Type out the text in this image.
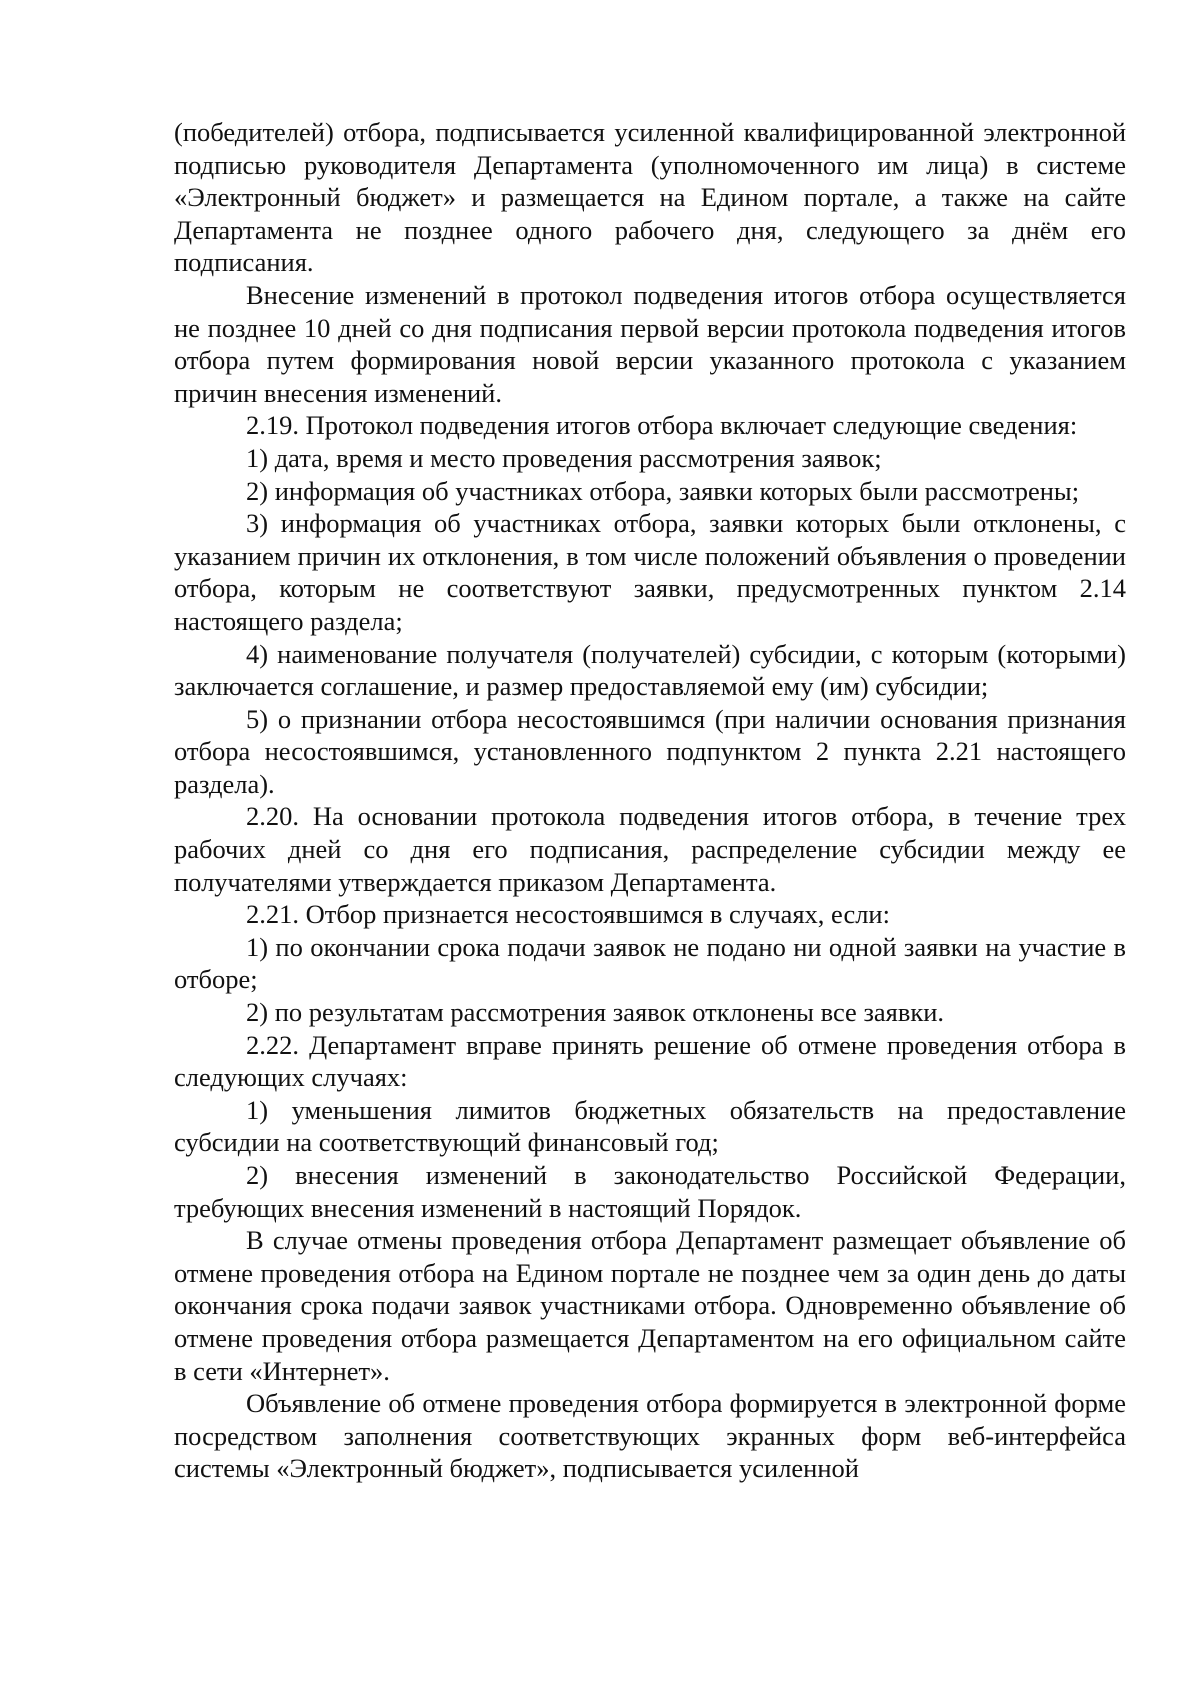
(победителей) отбора, подписывается усиленной квалифицированной электронной подписью руководителя Департамента (уполномоченного им лица) в системе «Электронный бюджет» и размещается на Едином портале, а также на сайте Департамента не позднее одного рабочего дня, следующего за днём его подписания.

Внесение изменений в протокол подведения итогов отбора осуществляется не позднее 10 дней со дня подписания первой версии протокола подведения итогов отбора путем формирования новой версии указанного протокола с указанием причин внесения изменений.

2.19. Протокол подведения итогов отбора включает следующие сведения:

1) дата, время и место проведения рассмотрения заявок;

2) информация об участниках отбора, заявки которых были рассмотрены;

3) информация об участниках отбора, заявки которых были отклонены, с указанием причин их отклонения, в том числе положений объявления о проведении отбора, которым не соответствуют заявки, предусмотренных пунктом 2.14 настоящего раздела;

4) наименование получателя (получателей) субсидии, с которым (которыми) заключается соглашение, и размер предоставляемой ему (им) субсидии;

5) о признании отбора несостоявшимся (при наличии основания признания отбора несостоявшимся, установленного подпунктом 2 пункта 2.21 настоящего раздела).

2.20. На основании протокола подведения итогов отбора, в течение трех рабочих дней со дня его подписания, распределение субсидии между ее получателями утверждается приказом Департамента.

2.21. Отбор признается несостоявшимся в случаях, если:

1) по окончании срока подачи заявок не подано ни одной заявки на участие в отборе;

2) по результатам рассмотрения заявок отклонены все заявки.

2.22. Департамент вправе принять решение об отмене проведения отбора в следующих случаях:

1) уменьшения лимитов бюджетных обязательств на предоставление субсидии на соответствующий финансовый год;

2) внесения изменений в законодательство Российской Федерации, требующих внесения изменений в настоящий Порядок.

В случае отмены проведения отбора Департамент размещает объявление об отмене проведения отбора на Едином портале не позднее чем за один день до даты окончания срока подачи заявок участниками отбора. Одновременно объявление об отмене проведения отбора размещается Департаментом на его официальном сайте в сети «Интернет».

Объявление об отмене проведения отбора формируется в электронной форме посредством заполнения соответствующих экранных форм веб-интерфейса системы «Электронный бюджет», подписывается усиленной
